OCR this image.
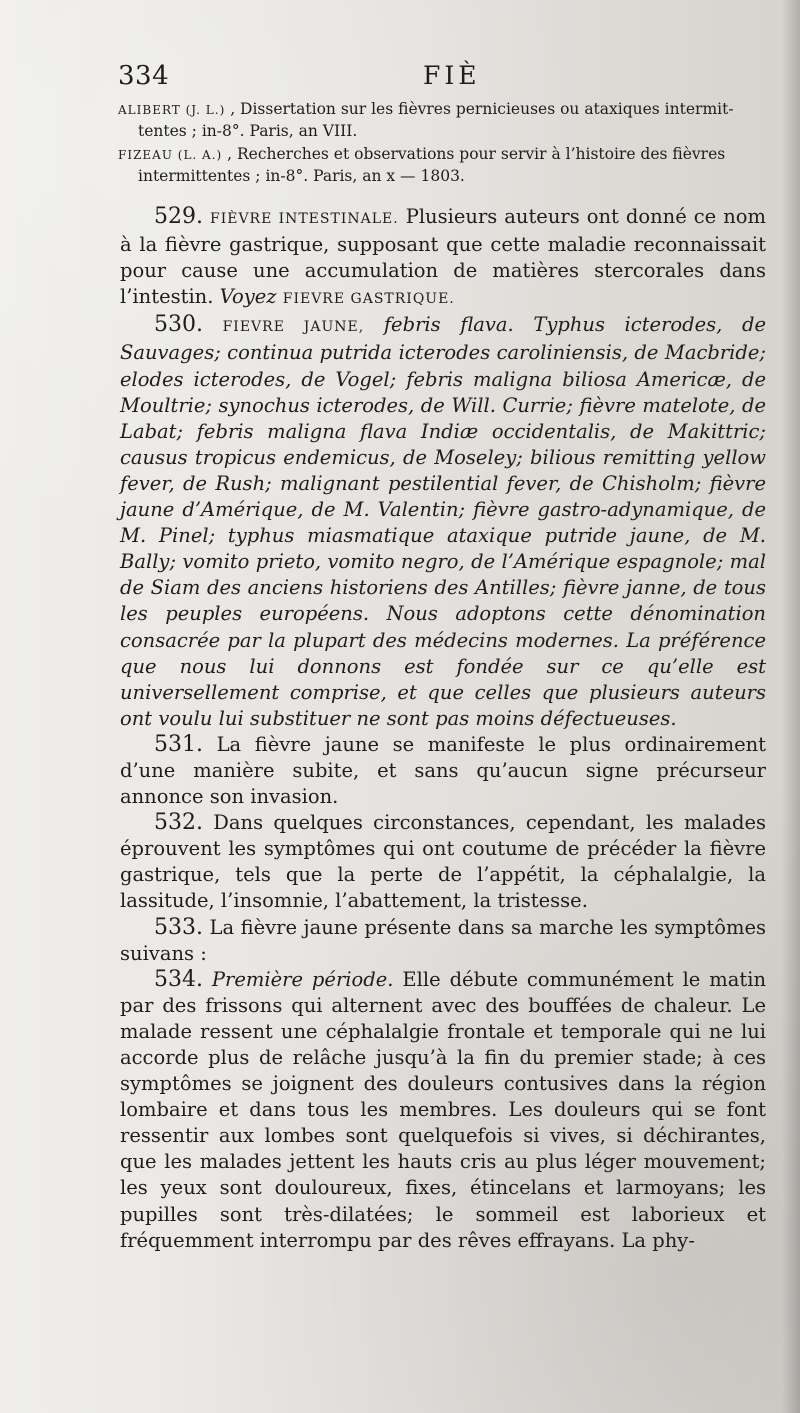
334	FIÈ
ALIBERT (J. L.) , Dissertation sur les fièvres pernicieuses ou ataxiques intermit-
tentes ; in-8°. Paris, an VIII.
FIZEAU (L. A.) , Recherches et observations pour servir à l’histoire des fièvres
intermittentes ; in-8°. Paris, an x — 1803.

529. FIÈVRE INTESTINALE. Plusieurs auteurs ont donné ce nom à la fièvre gastrique, supposant que cette maladie reconnaissait pour cause une accumulation de matières stercorales dans l’intestin. Voyez FIEVRE GASTRIQUE.

530. FIEVRE JAUNE, febris flava. Typhus icterodes, de Sauvages; continua putrida icterodes caroliniensis, de Macbride; elodes icterodes, de Vogel; febris maligna biliosa Americæ, de Moultrie; synochus icterodes, de Will. Currie; fièvre matelote, de Labat; febris maligna flava Indiæ occidentalis, de Makittric; causus tropicus endemicus, de Moseley; bilious remitting yellow fever, de Rush; malignant pestilential fever, de Chisholm; fièvre jaune d’Amérique, de M. Valentin; fièvre gastro-adynamique, de M. Pinel; typhus miasmatique ataxique putride jaune, de M. Bally; vomito prieto, vomito negro, de l’Amérique espagnole; mal de Siam des anciens historiens des Antilles; fièvre janne, de tous les peuples européens. Nous adoptons cette dénomination consacrée par la plupart des médecins modernes. La préférence que nous lui donnons est fondée sur ce qu’elle est universellement comprise, et que celles que plusieurs auteurs ont voulu lui substituer ne sont pas moins défectueuses.

531. La fièvre jaune se manifeste le plus ordinairement d’une manière subite, et sans qu’aucun signe précurseur annonce son invasion.

532. Dans quelques circonstances, cependant, les malades éprouvent les symptômes qui ont coutume de précéder la fièvre gastrique, tels que la perte de l’appétit, la céphalalgie, la lassitude, l’insomnie, l’abattement, la tristesse.

533. La fièvre jaune présente dans sa marche les symptômes suivans :

534. Première période. Elle débute communément le matin par des frissons qui alternent avec des bouffées de chaleur. Le malade ressent une céphalalgie frontale et temporale qui ne lui accorde plus de relâche jusqu’à la fin du premier stade; à ces symptômes se joignent des douleurs contusives dans la région lombaire et dans tous les membres. Les douleurs qui se font ressentir aux lombes sont quelquefois si vives, si déchirantes, que les malades jettent les hauts cris au plus léger mouvement; les yeux sont douloureux, fixes, étincelans et larmoyans; les pupilles sont très-dilatées; le sommeil est laborieux et fréquemment interrompu par des rêves effrayans. La phy-
